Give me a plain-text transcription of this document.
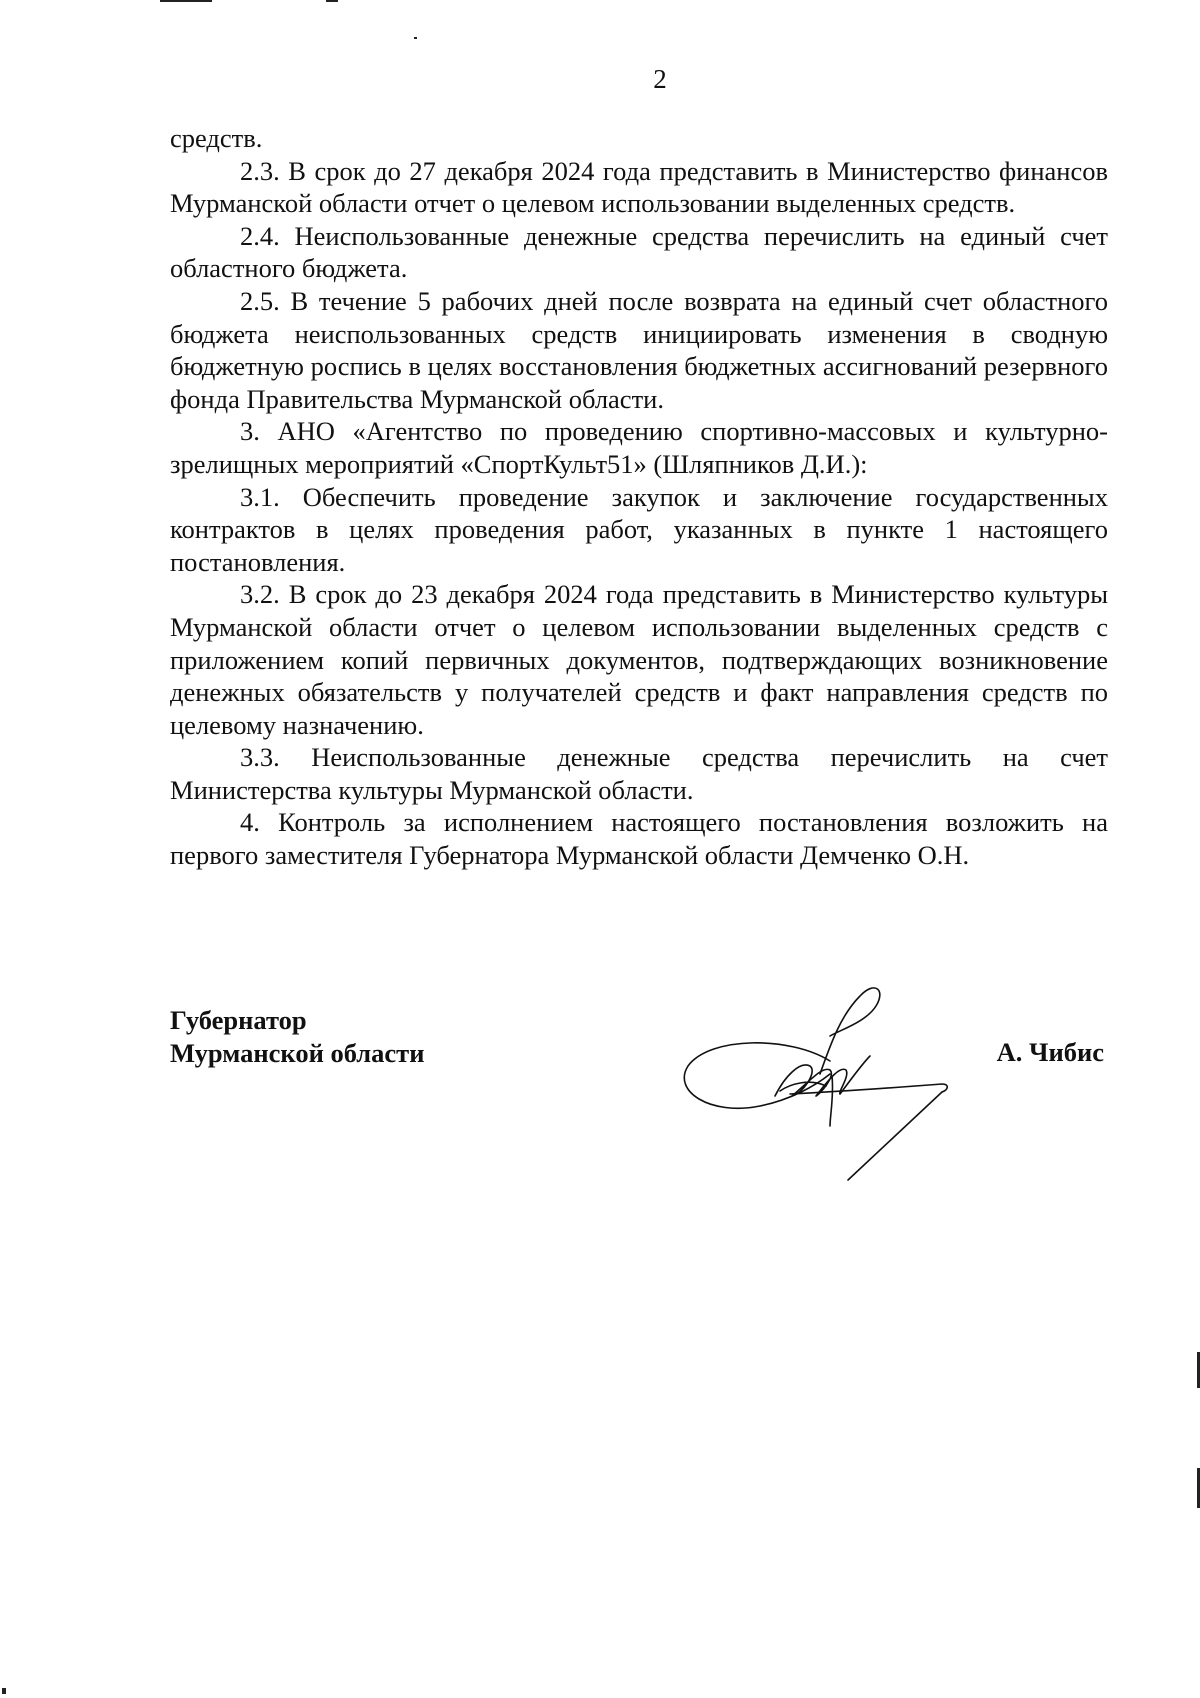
2

средств.

2.3. В срок до 27 декабря 2024 года представить в Министерство финансов Мурманской области отчет о целевом использовании выделенных средств.

2.4. Неиспользованные денежные средства перечислить на единый счет областного бюджета.

2.5. В течение 5 рабочих дней после возврата на единый счет областного бюджета неиспользованных средств инициировать изменения в сводную бюджетную роспись в целях восстановления бюджетных ассигнований резервного фонда Правительства Мурманской области.

3. АНО «Агентство по проведению спортивно-массовых и культурно-зрелищных мероприятий «СпортКульт51» (Шляпников Д.И.):

3.1. Обеспечить проведение закупок и заключение государственных контрактов в целях проведения работ, указанных в пункте 1 настоящего постановления.

3.2. В срок до 23 декабря 2024 года представить в Министерство культуры Мурманской области отчет о целевом использовании выделенных средств с приложением копий первичных документов, подтверждающих возникновение денежных обязательств у получателей средств и факт направления средств по целевому назначению.

3.3. Неиспользованные денежные средства перечислить на счет Министерства культуры Мурманской области.

4. Контроль за исполнением настоящего постановления возложить на первого заместителя Губернатора Мурманской области Демченко О.Н.

Губернатор
Мурманской области	А. Чибис
